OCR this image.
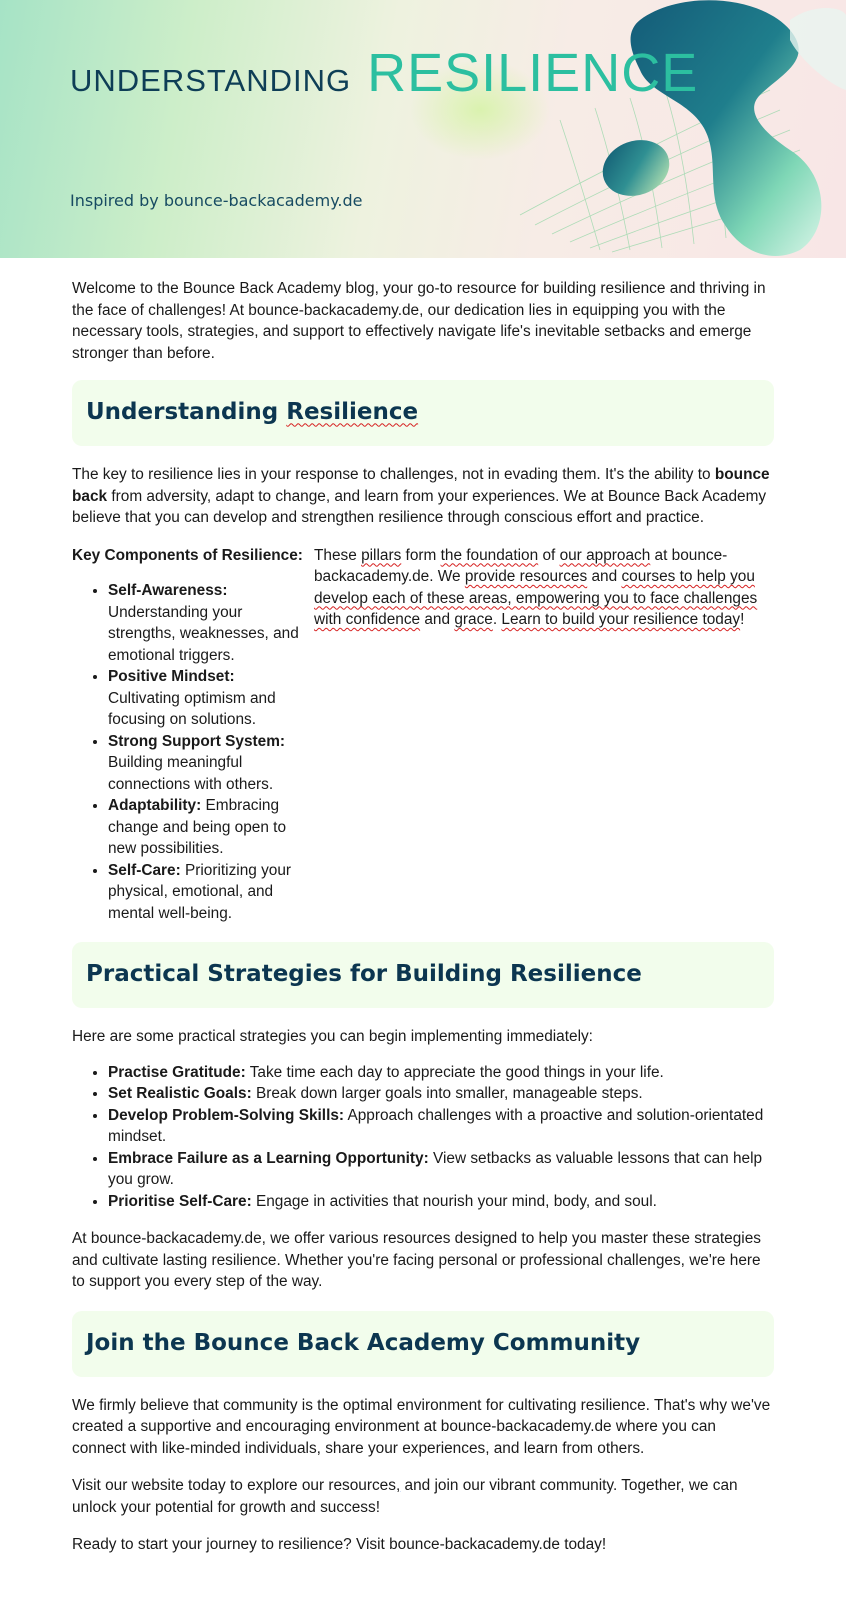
UNDERSTANDING RESILIENCE
Inspired by bounce-backacademy.de

Welcome to the Bounce Back Academy blog, your go-to resource for building resilience and thriving in the face of challenges! At bounce-backacademy.de, our dedication lies in equipping you with the necessary tools, strategies, and support to effectively navigate life's inevitable setbacks and emerge stronger than before.

Understanding Resilience

The key to resilience lies in your response to challenges, not in evading them. It's the ability to bounce back from adversity, adapt to change, and learn from your experiences. We at Bounce Back Academy believe that you can develop and strengthen resilience through conscious effort and practice.

Key Components of Resilience:

• Self-Awareness: Understanding your strengths, weaknesses, and emotional triggers.
• Positive Mindset: Cultivating optimism and focusing on solutions.
• Strong Support System: Building meaningful connections with others.
• Adaptability: Embracing change and being open to new possibilities.
• Self-Care: Prioritizing your physical, emotional, and mental well-being.

These pillars form the foundation of our approach at bounce-backacademy.de. We provide resources and courses to help you develop each of these areas, empowering you to face challenges with confidence and grace. Learn to build your resilience today!

Practical Strategies for Building Resilience

Here are some practical strategies you can begin implementing immediately:

• Practise Gratitude: Take time each day to appreciate the good things in your life.
• Set Realistic Goals: Break down larger goals into smaller, manageable steps.
• Develop Problem-Solving Skills: Approach challenges with a proactive and solution-orientated mindset.
• Embrace Failure as a Learning Opportunity: View setbacks as valuable lessons that can help you grow.
• Prioritise Self-Care: Engage in activities that nourish your mind, body, and soul.

At bounce-backacademy.de, we offer various resources designed to help you master these strategies and cultivate lasting resilience. Whether you're facing personal or professional challenges, we're here to support you every step of the way.

Join the Bounce Back Academy Community

We firmly believe that community is the optimal environment for cultivating resilience. That's why we've created a supportive and encouraging environment at bounce-backacademy.de where you can connect with like-minded individuals, share your experiences, and learn from others.

Visit our website today to explore our resources, and join our vibrant community. Together, we can unlock your potential for growth and success!

Ready to start your journey to resilience? Visit bounce-backacademy.de today!
